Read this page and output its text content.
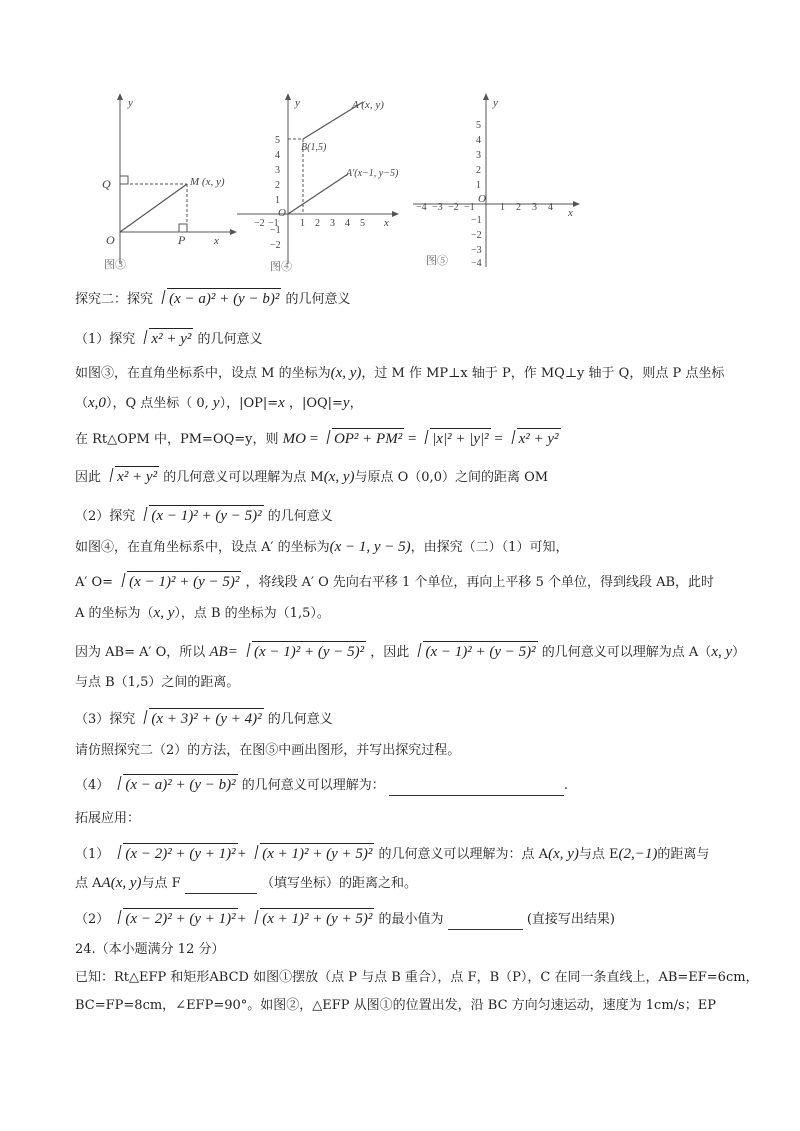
y
x
Q	M (x, y)
O	P
图③
−2 −1 1 2 3 4 5
5
4
3
2
1
−1
−2
y
x
O
A (x, y)
B(1,5)
A'(x−1, y−5)
图④
−4 −3 −2 −1	1 2 3 4
5
4
3
2
1
−1
−2
−3
−4
y
x
O
图⑤
探究二：探究 (x − a)² + (y − b)² 的几何意义
（1）探究 x² + y² 的几何意义
如图③，在直角坐标系中，设点 M 的坐标为(x, y)，过 M 作 MP⊥x 轴于 P，作 MQ⊥y 轴于 Q，则点 P 点坐标
（x,0），Q 点坐标（ 0, y），|OP|=x ，|OQ|=y，
在 Rt△OPM 中，PM=OQ=y，则 MO = OP² + PM² = |x|² + |y|² = x² + y²
因此 x² + y² 的几何意义可以理解为点 M(x, y)与原点 O（0,0）之间的距离 OM
（2）探究 (x − 1)² + (y − 5)² 的几何意义
如图④，在直角坐标系中，设点 A′ 的坐标为(x − 1, y − 5)，由探究（二）（1）可知，
A′ O= (x − 1)² + (y − 5)² ，将线段 A′ O 先向右平移 1 个单位，再向上平移 5 个单位，得到线段 AB，此时
A 的坐标为（x, y），点 B 的坐标为（1,5）。
因为 AB= A′ O，所以 AB= (x − 1)² + (y − 5)² ，因此 (x − 1)² + (y − 5)² 的几何意义可以理解为点 A（x, y）
与点 B（1,5）之间的距离。
（3）探究 (x + 3)² + (y + 4)² 的几何意义
请仿照探究二（2）的方法，在图⑤中画出图形，并写出探究过程。
（4） (x − a)² + (y − b)² 的几何意义可以理解为：	.
拓展应用：
（1） (x − 2)² + (y + 1)² + (x + 1)² + (y + 5)² 的几何意义可以理解为：点 A(x, y)与点 E(2,−1)的距离与
点 AA(x, y)与点 F	（填写坐标）的距离之和。
（2） (x − 2)² + (y + 1)² + (x + 1)² + (y + 5)² 的最小值为	(直接写出结果)
24.（本小题满分 12 分）
已知：Rt△EFP 和矩形ABCD 如图①摆放（点 P 与点 B 重合），点 F，B（P），C 在同一条直线上，AB=EF=6cm，
BC=FP=8cm，∠EFP=90°。如图②，△EFP 从图①的位置出发，沿 BC 方向匀速运动，速度为 1cm/s；EP
